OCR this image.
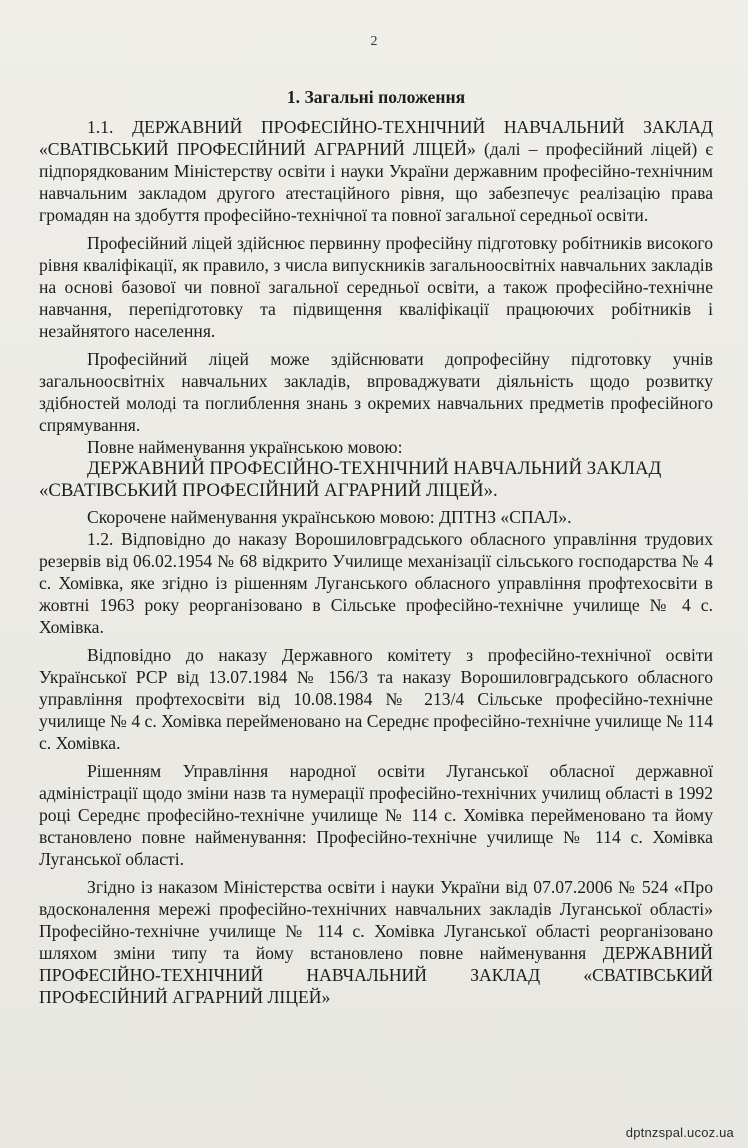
2
1. Загальні положення

1.1. ДЕРЖАВНИЙ ПРОФЕСІЙНО-ТЕХНІЧНИЙ НАВЧАЛЬНИЙ ЗАКЛАД «СВАТІВСЬКИЙ ПРОФЕСІЙНИЙ АГРАРНИЙ ЛІЦЕЙ» (далі – професійний ліцей) є підпорядкованим Міністерству освіти і науки України державним професійно-технічним навчальним закладом другого атестаційного рівня, що забезпечує реалізацію права громадян на здобуття професійно-технічної та повної загальної середньої освіти.

Професійний ліцей здійснює первинну професійну підготовку робітників високого рівня кваліфікації, як правило, з числа випускників загальноосвітніх навчальних закладів на основі базової чи повної загальної середньої освіти, а також професійно-технічне навчання, перепідготовку та підвищення кваліфікації працюючих робітників і незайнятого населення.

Професійний ліцей може здійснювати допрофесійну підготовку учнів загальноосвітніх навчальних закладів, впроваджувати діяльність щодо розвитку здібностей молоді та поглиблення знань з окремих навчальних предметів професійного спрямування.

Повне найменування українською мовою:

ДЕРЖАВНИЙ ПРОФЕСІЙНО-ТЕХНІЧНИЙ НАВЧАЛЬНИЙ ЗАКЛАД
«СВАТІВСЬКИЙ ПРОФЕСІЙНИЙ АГРАРНИЙ ЛІЦЕЙ».

Скорочене найменування українською мовою: ДПТНЗ «СПАЛ».

1.2. Відповідно до наказу Ворошиловградського обласного управління трудових резервів від 06.02.1954 № 68 відкрито Училище механізації сільського господарства № 4 с. Хомівка, яке згідно із рішенням Луганського обласного управління профтехосвіти в жовтні 1963 року реорганізовано в Сільське професійно-технічне училище № 4 с. Хомівка.

Відповідно до наказу Державного комітету з професійно-технічної освіти Української РСР від 13.07.1984 № 156/3 та наказу Ворошиловградського обласного управління профтехосвіти від 10.08.1984 № 213/4 Сільське професійно-технічне училище № 4 с. Хомівка перейменовано на Середнє професійно-технічне училище № 114 с. Хомівка.

Рішенням Управління народної освіти Луганської обласної державної адміністрації щодо зміни назв та нумерації професійно-технічних училищ області в 1992 році Середнє професійно-технічне училище № 114 с. Хомівка перейменовано та йому встановлено повне найменування: Професійно-технічне училище № 114 с. Хомівка Луганської області.

Згідно із наказом Міністерства освіти і науки України від 07.07.2006 № 524 «Про вдосконалення мережі професійно-технічних навчальних закладів Луганської області» Професійно-технічне училище № 114 с. Хомівка Луганської області реорганізовано шляхом зміни типу та йому встановлено повне найменування ДЕРЖАВНИЙ ПРОФЕСІЙНО-ТЕХНІЧНИЙ НАВЧАЛЬНИЙ ЗАКЛАД «СВАТІВСЬКИЙ ПРОФЕСІЙНИЙ АГРАРНИЙ ЛІЦЕЙ»

dptnzspal.ucoz.ua
